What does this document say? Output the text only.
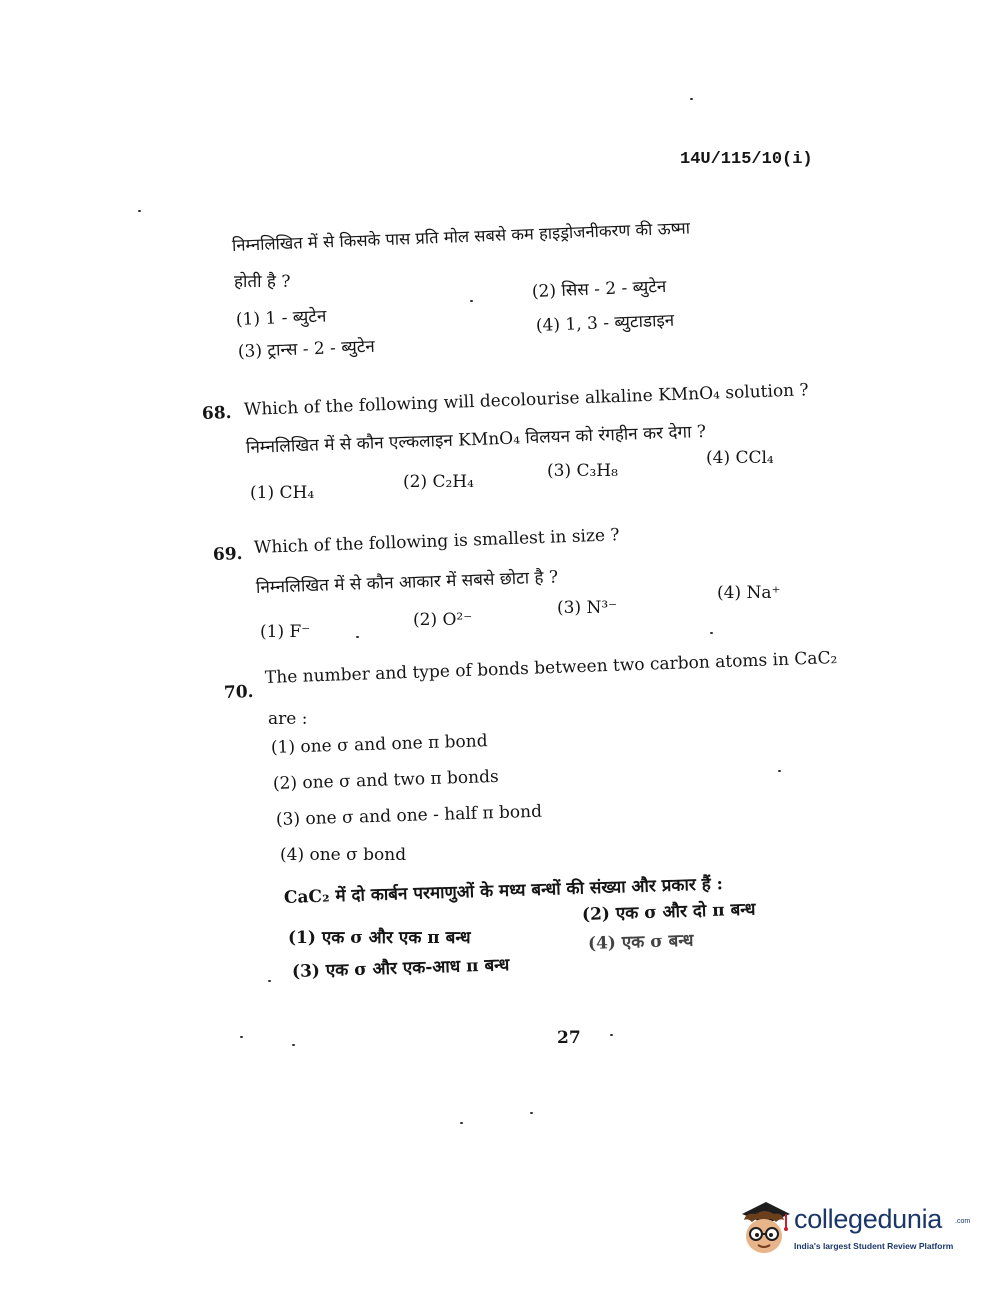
14U/115/10(i)
निम्नलिखित में से किसके पास प्रति मोल सबसे कम हाइड्रोजनीकरण की ऊष्मा
होती है ?
(1) 1 - ब्युटेन
(2) सिस - 2 - ब्युटेन
(3) ट्रान्स - 2 - ब्युटेन
(4) 1, 3 - ब्युटाडाइन
68. Which of the following will decolourise alkaline KMnO₄ solution ?
निम्नलिखित में से कौन एल्कलाइन KMnO₄ विलयन को रंगहीन कर देगा ?
(1) CH₄
(2) C₂H₄
(3) C₃H₈
(4) CCl₄
69. Which of the following is smallest in size ?
निम्नलिखित में से कौन आकार में सबसे छोटा है ?
(1) F⁻
(2) O²⁻
(3) N³⁻
(4) Na⁺
70.
The number and type of bonds between two carbon atoms in CaC₂
are :
(1) one σ and one π bond
(2) one σ and two π bonds
(3) one σ and one - half π bond
(4) one σ bond
CaC₂ में दो कार्बन परमाणुओं के मध्य बन्धों की संख्या और प्रकार हैं :
(1) एक σ और एक π बन्ध
(2) एक σ और दो π बन्ध
(3) एक σ और एक-आध π बन्ध
(4) एक σ बन्ध
27
collegedunia .com
India's largest Student Review Platform
